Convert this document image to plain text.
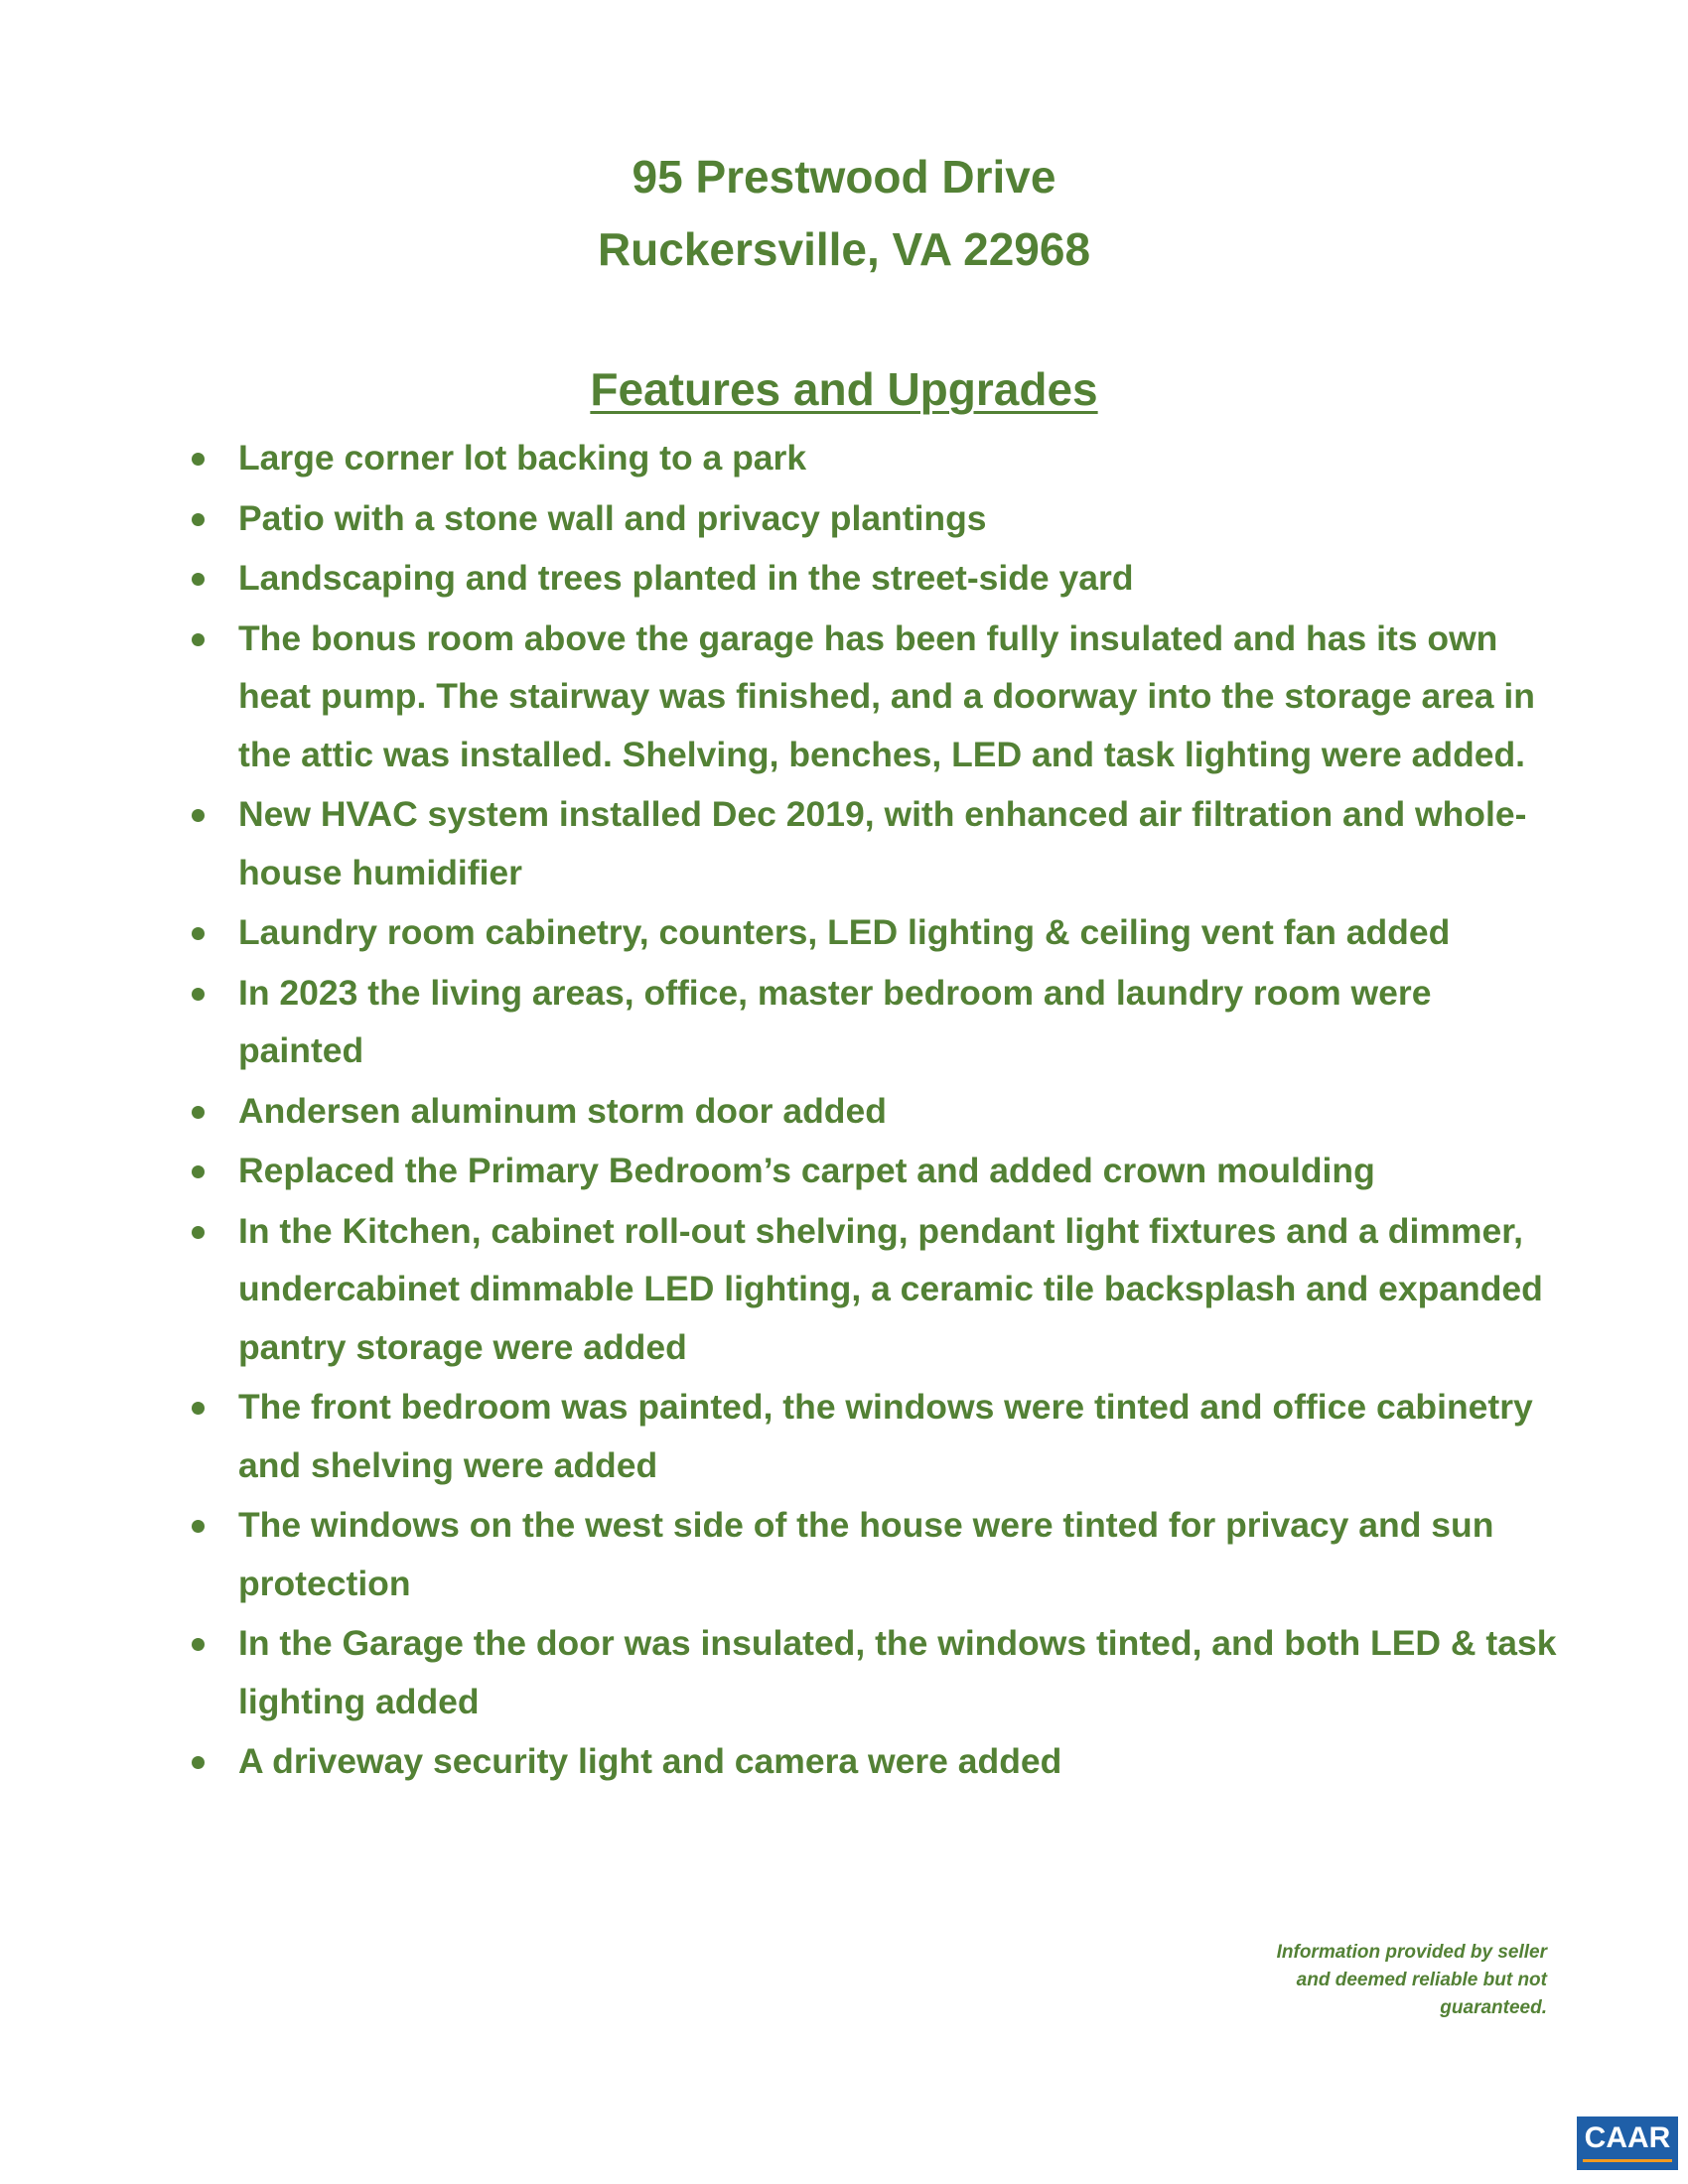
95 Prestwood Drive
Ruckersville, VA 22968
Features and Upgrades
Large corner lot backing to a park
Patio with a stone wall and privacy plantings
Landscaping and trees planted in the street-side yard
The bonus room above the garage has been fully insulated and has its own heat pump. The stairway was finished, and a doorway into the storage area in the attic was installed. Shelving, benches, LED and task lighting were added.
New HVAC system installed Dec 2019, with enhanced air filtration and whole-house humidifier
Laundry room cabinetry, counters, LED lighting & ceiling vent fan added
In 2023 the living areas, office, master bedroom and laundry room were painted
Andersen aluminum storm door added
Replaced the Primary Bedroom’s carpet and added crown moulding
In the Kitchen, cabinet roll-out shelving, pendant light fixtures and a dimmer, undercabinet dimmable LED lighting, a ceramic tile backsplash and expanded pantry storage were added
The front bedroom was painted, the windows were tinted and office cabinetry and shelving were added
The windows on the west side of the house were tinted for privacy and sun protection
In the Garage the door was insulated, the windows tinted, and both LED & task lighting added
A driveway security light and camera were added
Information provided by seller
and deemed reliable but not
guaranteed.
CAAR
